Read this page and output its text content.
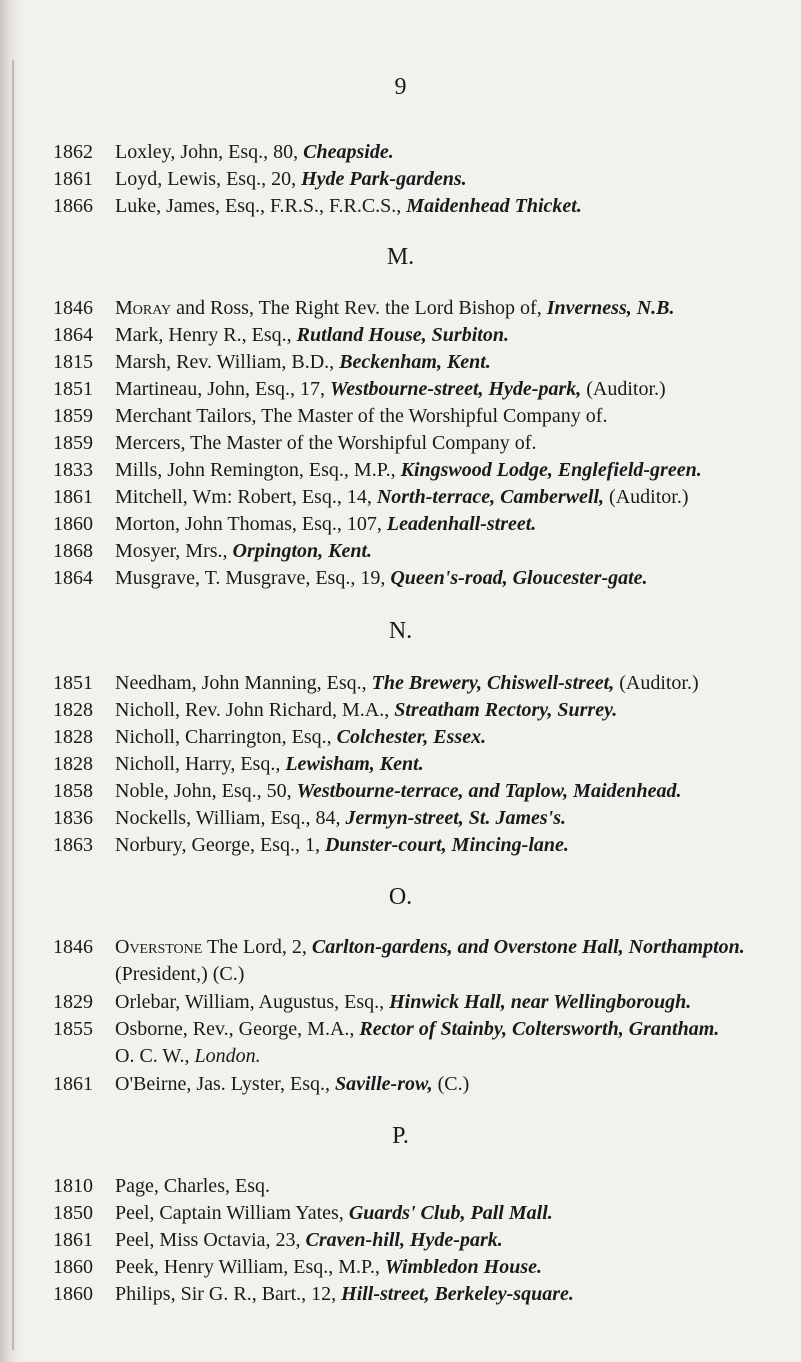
9
1862 Loxley, John, Esq., 80, Cheapside.
1861 Loyd, Lewis, Esq., 20, Hyde Park-gardens.
1866 Luke, James, Esq., F.R.S., F.R.C.S., Maidenhead Thicket.
M.
1846 Moray and Ross, The Right Rev. the Lord Bishop of, Inverness, N.B.
1864 Mark, Henry R., Esq., Rutland House, Surbiton.
1815 Marsh, Rev. William, B.D., Beckenham, Kent.
1851 Martineau, John, Esq., 17, Westbourne-street, Hyde-park, (Auditor.)
1859 Merchant Tailors, The Master of the Worshipful Company of.
1859 Mercers, The Master of the Worshipful Company of.
1833 Mills, John Remington, Esq., M.P., Kingswood Lodge, Englefield-green.
1861 Mitchell, Wm: Robert, Esq., 14, North-terrace, Camberwell, (Auditor.)
1860 Morton, John Thomas, Esq., 107, Leadenhall-street.
1868 Mosyer, Mrs., Orpington, Kent.
1864 Musgrave, T. Musgrave, Esq., 19, Queen's-road, Gloucester-gate.
N.
1851 Needham, John Manning, Esq., The Brewery, Chiswell-street, (Auditor.)
1828 Nicholl, Rev. John Richard, M.A., Streatham Rectory, Surrey.
1828 Nicholl, Charrington, Esq., Colchester, Essex.
1828 Nicholl, Harry, Esq., Lewisham, Kent.
1858 Noble, John, Esq., 50, Westbourne-terrace, and Taplow, Maidenhead.
1836 Nockells, William, Esq., 84, Jermyn-street, St. James's.
1863 Norbury, George, Esq., 1, Dunster-court, Mincing-lane.
O.
1846 Overstone The Lord, 2, Carlton-gardens, and Overstone Hall, Northampton.
(President,) (C.)
1829 Orlebar, William, Augustus, Esq., Hinwick Hall, near Wellingborough.
1855 Osborne, Rev., George, M.A., Rector of Stainby, Coltersworth, Grantham.
O. C. W., London.
1861 O'Beirne, Jas. Lyster, Esq., Saville-row, (C.)
P.
1810 Page, Charles, Esq.
1850 Peel, Captain William Yates, Guards' Club, Pall Mall.
1861 Peel, Miss Octavia, 23, Craven-hill, Hyde-park.
1860 Peek, Henry William, Esq., M.P., Wimbledon House.
1860 Philips, Sir G. R., Bart., 12, Hill-street, Berkeley-square.
